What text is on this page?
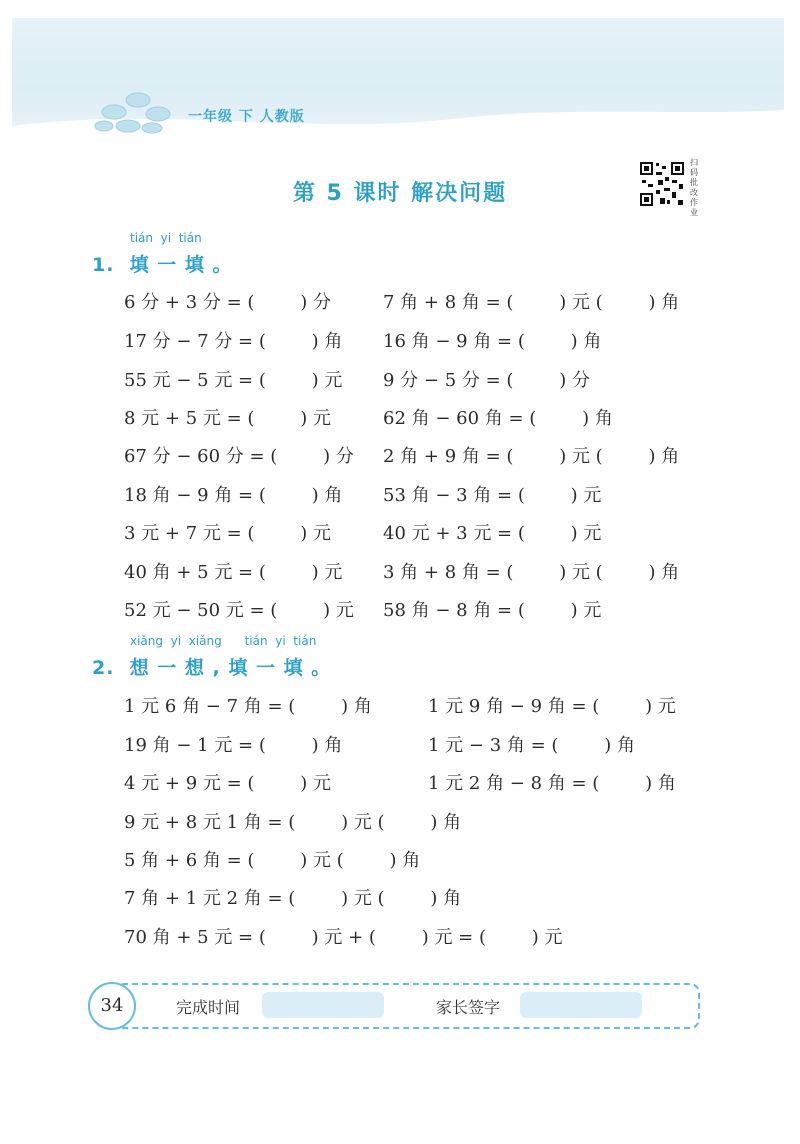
一年级 下 人教版
第 5 课时 解决问题
扫码批改作业
tián  yi  tián
1.  填 一 填 。
6 分 + 3 分 = (        ) 分	7 角 + 8 角 = (        ) 元 (        ) 角
17 分 − 7 分 = (        ) 角 16 角 − 9 角 = (        ) 角
55 元 − 5 元 = (        ) 元 9 分 − 5 分 = (        ) 分
8 元 + 5 元 = (        ) 元	62 角 − 60 角 = (        ) 角
67 分 − 60 分 = (        ) 分 2 角 + 9 角 = (        ) 元 (        ) 角
18 角 − 9 角 = (        ) 角 53 角 − 3 角 = (        ) 元
3 元 + 7 元 = (        ) 元	40 元 + 3 元 = (        ) 元
40 角 + 5 元 = (        ) 元 3 角 + 8 角 = (        ) 元 (        ) 角
52 元 − 50 元 = (        ) 元 58 角 − 8 角 = (        ) 元
xiǎng  yi  xiǎng      tián  yi  tián
2.  想 一 想 , 填 一 填 。
1 元 6 角 − 7 角 = (        ) 角	1 元 9 角 − 9 角 = (        ) 元
19 角 − 1 元 = (        ) 角	1 元 − 3 角 = (        ) 角
4 元 + 9 元 = (        ) 元	1 元 2 角 − 8 角 = (        ) 角
9 元 + 8 元 1 角 = (        ) 元 (        ) 角
5 角 + 6 角 = (        ) 元 (        ) 角
7 角 + 1 元 2 角 = (        ) 元 (        ) 角
70 角 + 5 元 = (        ) 元 + (        ) 元 = (        ) 元
34	完成时间	家长签字
